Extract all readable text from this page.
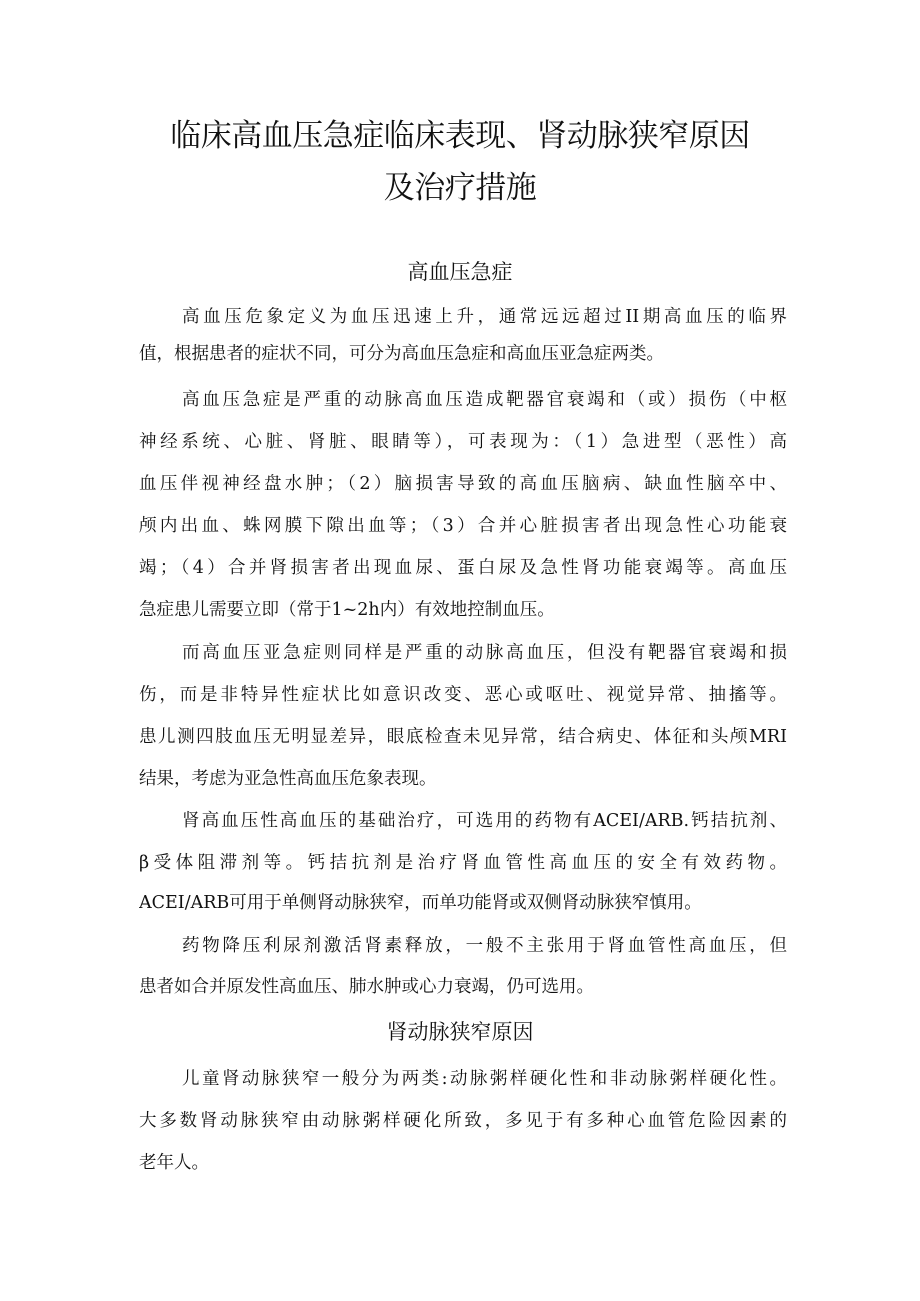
临床高血压急症临床表现、肾动脉狭窄原因
及治疗措施
高血压急症

高血压危象定义为血压迅速上升，通常远远超过II期高血压的临界

值，根据患者的症状不同，可分为高血压急症和高血压亚急症两类。

高血压急症是严重的动脉高血压造成靶器官衰竭和（或）损伤（中枢

神经系统、心脏、肾脏、眼睛等），可表现为：（1）急进型（恶性）高

血压伴视神经盘水肿；（2）脑损害导致的高血压脑病、缺血性脑卒中、

颅内出血、蛛网膜下隙出血等；（3）合并心脏损害者出现急性心功能衰

竭；（4）合并肾损害者出现血尿、蛋白尿及急性肾功能衰竭等。高血压

急症患儿需要立即（常于1~2h内）有效地控制血压。

而高血压亚急症则同样是严重的动脉高血压，但没有靶器官衰竭和损

伤，而是非特异性症状比如意识改变、恶心或呕吐、视觉异常、抽搐等。

患儿测四肢血压无明显差异，眼底检查未见异常，结合病史、体征和头颅MRI

结果，考虑为亚急性高血压危象表现。

肾高血压性高血压的基础治疗，可选用的药物有ACEI/ARB.钙拮抗剂、

β受体阻滞剂等。钙拮抗剂是治疗肾血管性高血压的安全有效药物。

ACEI/ARB可用于单侧肾动脉狭窄，而单功能肾或双侧肾动脉狭窄慎用。

药物降压利尿剂激活肾素释放，一般不主张用于肾血管性高血压，但

患者如合并原发性高血压、肺水肿或心力衰竭，仍可选用。

肾动脉狭窄原因

儿童肾动脉狭窄一般分为两类:动脉粥样硬化性和非动脉粥样硬化性。

大多数肾动脉狭窄由动脉粥样硬化所致，多见于有多种心血管危险因素的

老年人。
